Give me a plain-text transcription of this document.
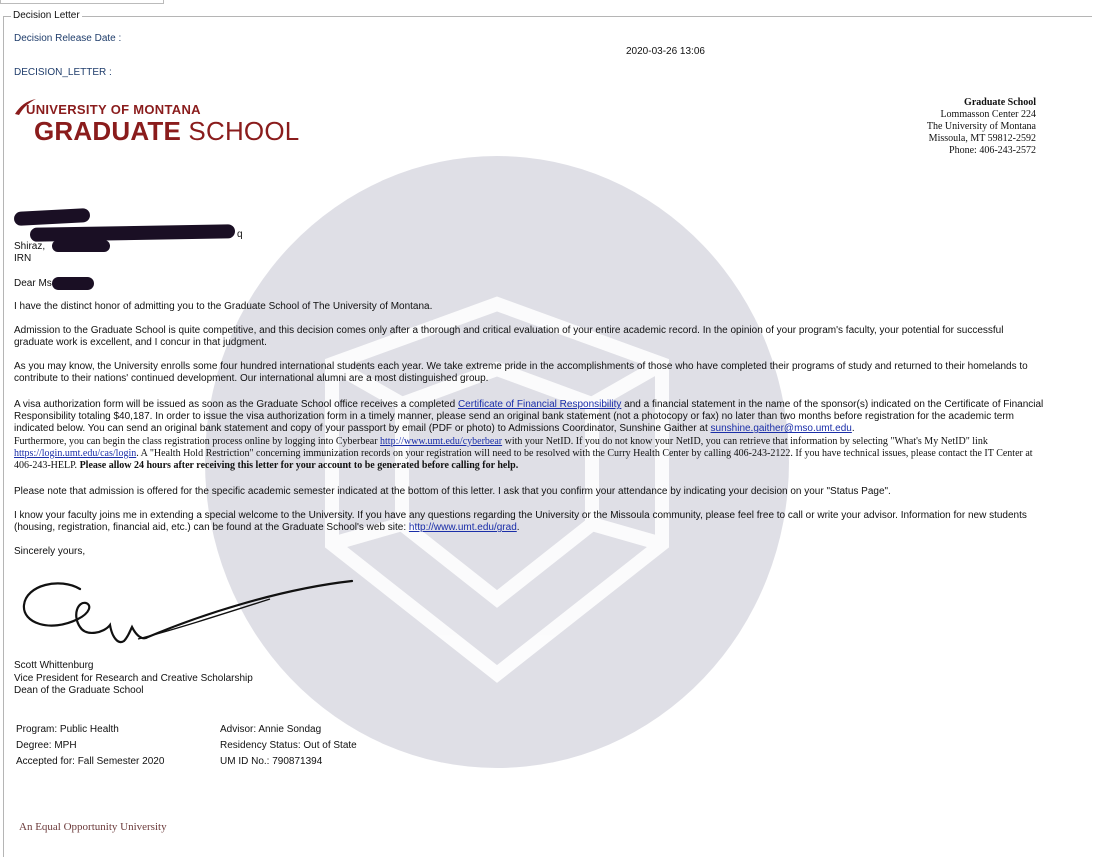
Decision Letter
Decision Release Date :
2020-03-26 13:06
DECISION_LETTER :
UNIVERSITY OF MONTANA
GRADUATE SCHOOL
Graduate School
Lommasson Center 224
The University of Montana
Missoula, MT 59812-2592
Phone: 406-243-2572
q
Shiraz,
IRN
Dear Ms
I have the distinct honor of admitting you to the Graduate School of The University of Montana.
Admission to the Graduate School is quite competitive, and this decision comes only after a thorough and critical evaluation of your entire academic record. In the opinion of your program's faculty, your potential for successful graduate work is excellent, and I concur in that judgment.
As you may know, the University enrolls some four hundred international students each year. We take extreme pride in the accomplishments of those who have completed their programs of study and returned to their homelands to contribute to their nations' continued development. Our international alumni are a most distinguished group.
A visa authorization form will be issued as soon as the Graduate School office receives a completed Certificate of Financial Responsibility and a financial statement in the name of the sponsor(s) indicated on the Certificate of Financial Responsibility totaling $40,187. In order to issue the visa authorization form in a timely manner, please send an original bank statement (not a photocopy or fax) no later than two months before registration for the academic term indicated below. You can send an original bank statement and copy of your passport by email (PDF or photo) to Admissions Coordinator, Sunshine Gaither at sunshine.gaither@mso.umt.edu.
Furthermore, you can begin the class registration process online by logging into Cyberbear http://www.umt.edu/cyberbear with your NetID. If you do not know your NetID, you can retrieve that information by selecting "What's My NetID" link https://login.umt.edu/cas/login. A "Health Hold Restriction" concerning immunization records on your registration will need to be resolved with the Curry Health Center by calling 406-243-2122. If you have technical issues, please contact the IT Center at 406-243-HELP. Please allow 24 hours after receiving this letter for your account to be generated before calling for help.
Please note that admission is offered for the specific academic semester indicated at the bottom of this letter. I ask that you confirm your attendance by indicating your decision on your "Status Page".
I know your faculty joins me in extending a special welcome to the University. If you have any questions regarding the University or the Missoula community, please feel free to call or write your advisor. Information for new students (housing, registration, financial aid, etc.) can be found at the Graduate School's web site: http://www.umt.edu/grad.
Sincerely yours,
Scott Whittenburg
Vice President for Research and Creative Scholarship
Dean of the Graduate School
Program: Public Health
Degree: MPH
Accepted for: Fall Semester 2020
Advisor: Annie Sondag
Residency Status: Out of State
UM ID No.: 790871394
An Equal Opportunity University
